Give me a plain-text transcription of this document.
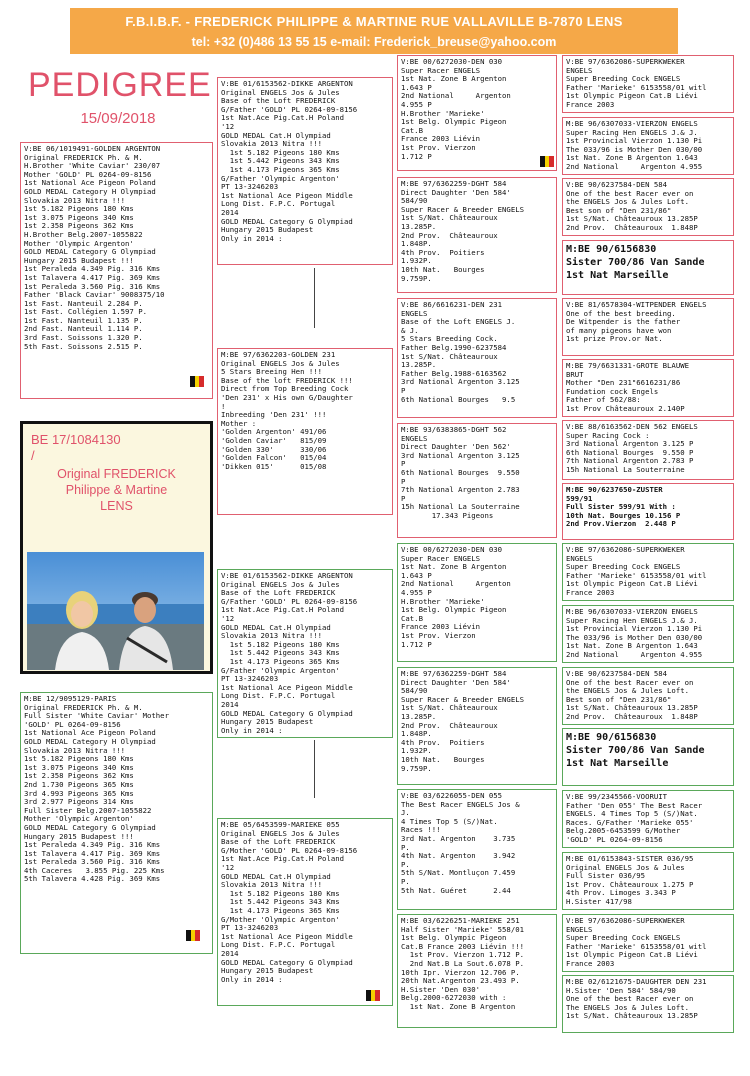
F.B.I.B.F. - FREDERICK PHILIPPE & MARTINE RUE VALLAVILLE B-7870 LENS
tel: +32 (0)486 13 55 15 e-mail: Frederick_breuse@yahoo.com
PEDIGREE
15/09/2018
BE 17/1084130
/
Original FREDERICK
Philippe & Martine
LENS
V:BE 06/1019491-GOLDEN ARGENTON
Original FREDERICK Ph. & M.
H.Brother 'White Caviar' 230/07
Mother 'GOLD' PL 0264-09-8156
1st National Ace Pigeon Poland
GOLD MEDAL Category H Olympiad
Slovakia 2013 Nitra !!!
1st 5.182 Pigeons 180 Kms
1st 3.075 Pigeons 340 Kms
1st 2.358 Pigeons 362 Kms
H.Brother Belg.2007-1055822
Mother 'Olympic Argenton'
GOLD MEDAL Category G Olympiad
Hungary 2015 Budapest !!!
1st Peraleda 4.349 Pig. 316 Kms
1st Talavera 4.417 Pig. 369 Kms
1st Peraleda 3.560 Pig. 316 Kms
Father 'Black Caviar' 9008375/10
1st Fast. Nanteuil 2.284 P.
1st Fast. Collégien 1.597 P.
1st Fast. Nanteuil 1.135 P.
2nd Fast. Nanteuil 1.114 P.
3rd Fast. Soissons 1.320 P.
5th Fast. Soissons 2.515 P.
M:BE 12/9095129-PARIS
Original FREDERICK Ph. & M.
Full Sister 'White Caviar' Mother
'GOLD' PL 0264-09-8156
1st National Ace Pigeon Poland
GOLD MEDAL Category H Olympiad
Slovakia 2013 Nitra !!!
1st 5.182 Pigeons 180 Kms
1st 3.075 Pigeons 340 Kms
1st 2.358 Pigeons 362 Kms
2nd 1.730 Pigeons 365 Kms
3rd 4.993 Pigeons 365 Kms
3rd 2.977 Pigeons 314 Kms
Full Sister Belg.2007-1055822
Mother 'Olympic Argenton'
GOLD MEDAL Category G Olympiad
Hungary 2015 Budapest !!!
1st Peraleda 4.349 Pig. 316 Kms
1st Talavera 4.417 Pig. 369 Kms
1st Peraleda 3.560 Pig. 316 Kms
4th Caceres   3.855 Pig. 225 Kms
5th Talavera 4.428 Pig. 369 Kms
V:BE 01/6153562-DIKKE ARGENTON
Original ENGELS Jos & Jules
Base of the Loft FREDERICK
G/Father 'GOLD' PL 0264-09-8156
1st Nat.Ace Pig.Cat.H Poland
'12
GOLD MEDAL Cat.H Olympiad
Slovakia 2013 Nitra !!!
1st 5.182 Pigeons 180 Kms
1st 5.442 Pigeons 343 Kms
1st 4.173 Pigeons 365 Kms
G/Father 'Olympic Argenton'
PT 13-3246203
1st National Ace Pigeon Middle
Long Dist. F.P.C. Portugal
2014
GOLD MEDAL Category G Olympiad
Hungary 2015 Budapest
Only in 2014 :
M:BE 97/6362203-GOLDEN 231
Original ENGELS Jos & Jules
5 Stars Breeing Hen !!!
Base of the loft FREDERICK !!!
Direct from Top Breeding Cock
'Den 231' x His own G/Daughter
!
Inbreeding 'Den 231' !!!
Mother :
'Golden Argenton' 491/06
'Golden Caviar'   815/09
'Golden 330'      330/06
'Golden Falcon'   015/04
'Dikken 015'      015/08
V:BE 01/6153562-DIKKE ARGENTON
Original ENGELS Jos & Jules
Base of the Loft FREDERICK
G/Father 'GOLD' PL 0264-09-8156
1st Nat.Ace Pig.Cat.H Poland
'12
GOLD MEDAL Cat.H Olympiad
Slovakia 2013 Nitra !!!
1st 5.182 Pigeons 180 Kms
1st 5.442 Pigeons 343 Kms
1st 4.173 Pigeons 365 Kms
G/Father 'Olympic Argenton'
PT 13-3246203
1st National Ace Pigeon Middle
Long Dist. F.P.C. Portugal
2014
GOLD MEDAL Category G Olympiad
Hungary 2015 Budapest
Only in 2014 :
M:BE 05/6453599-MARIEKE 055
Original ENGELS Jos & Jules
Base of the Loft FREDERICK
G/Mother 'GOLD' PL 0264-09-8156
1st Nat.Ace Pig.Cat.H Poland
'12
GOLD MEDAL Cat.H Olympiad
Slovakia 2013 Nitra !!!
1st 5.182 Pigeons 180 Kms
1st 5.442 Pigeons 343 Kms
1st 4.173 Pigeons 365 Kms
G/Mother 'Olympic Argenton'
PT 13-3246203
1st National Ace Pigeon Middle
Long Dist. F.P.C. Portugal
2014
GOLD MEDAL Category G Olympiad
Hungary 2015 Budapest
Only in 2014 :
V:BE 00/6272030-DEN 030
Super Racer ENGELS
1st Nat. Zone B Argenton
1.643 P
2nd National     Argenton
4.955 P
H.Brother 'Marieke'
1st Belg. Olympic Pigeon
Cat.B
France 2003 Liévin
1st Prov. Vierzon
1.712 P
M:BE 97/6362259-DGHT 584
Direct Daughter 'Den 584'
584/90
Super Racer & Breeder ENGELS
1st S/Nat. Châteauroux
13.285P.
2nd Prov.  Châteauroux
1.848P.
4th Prov.  Poitiers
1.932P.
10th Nat.   Bourges
9.759P.
V:BE 86/6616231-DEN 231
ENGELS
Base of the Loft ENGELS J.
& J.
5 Stars Breeding Cock.
Father Belg.1990-6237584
1st S/Nat. Châteauroux
13.285P.
Father Belg.1988-6163562
3rd National Argenton 3.125
P
6th National Bourges   9.5
M:BE 93/6383865-DGHT 562
ENGELS
Direct Daughter 'Den 562'
3rd National Argenton 3.125
P
6th National Bourges  9.550
P
7th National Argenton 2.783
P
15h National La Souterraine
17.343 Pigeons
V:BE 00/6272030-DEN 030
Super Racer ENGELS
1st Nat. Zone B Argenton
1.643 P
2nd National     Argenton
4.955 P
H.Brother 'Marieke'
1st Belg. Olympic Pigeon
Cat.B
France 2003 Liévin
1st Prov. Vierzon
1.712 P
M:BE 97/6362259-DGHT 584
Direct Daughter 'Den 584'
584/90
Super Racer & Breeder ENGELS
1st S/Nat. Châteauroux
13.285P.
2nd Prov.  Châteauroux
1.848P.
4th Prov.  Poitiers
1.932P.
10th Nat.   Bourges
9.759P.
V:BE 03/6226055-DEN 055
The Best Racer ENGELS Jos &
J.
4 Times Top 5 (S/)Nat.
Races !!!
3rd Nat. Argenton    3.735
P.
4th Nat. Argenton    3.942
P.
5th S/Nat. Montluçon 7.459
P.
5th Nat. Guéret      2.44
M:BE 03/6226251-MARIEKE 251
Half Sister 'Marieke' 558/01
1st Belg. Olympic Pigeon
Cat.B France 2003 Liévin !!!
1st Prov. Vierzon 1.712 P.
2nd Nat.B La Sout.6.078 P.
10th Ipr. Vierzon 12.706 P.
20th Nat.Argenton 23.493 P.
H.Sister 'Den 030'
Belg.2000-6272030 with :
1st Nat. Zone B Argenton
V:BE 97/6362086-SUPERKWEKER
ENGELS
Super Breeding Cock ENGELS
Father 'Marieke' 6153558/01 witl
1st Olympic Pigeon Cat.B Liévi
France 2003
M:BE 96/6307033-VIERZON ENGELS
Super Racing Hen ENGELS J.& J.
1st Provincial Vierzon 1.130 Pi
The 033/96 is Mother Den 030/00
1st Nat. Zone B Argenton 1.643
2nd National     Argenton 4.955
V:BE 90/6237584-DEN 584
One of the best Racer ever on
the ENGELS Jos & Jules Loft.
Best son of "Den 231/86"
1st S/Nat. Châteauroux 13.285P
2nd Prov.  Châteauroux  1.848P
M:BE 90/6156830
Sister 700/86 Van Sande
1st Nat Marseille
V:BE 81/6578304-WITPENDER ENGELS
One of the best breeding.
De Witpender is the father
of many pigeons have won
1st prize Prov.or Nat.
M:BE 79/6631331-GROTE BLAUWE
BRUT
Mother "Den 231"6616231/86
Fundation cock Engels
Father of 562/88:
1st Prov Châteauroux 2.140P
V:BE 88/6163562-DEN 562 ENGELS
Super Racing Cock :
3rd National Argenton 3.125 P
6th National Bourges  9.550 P
7th National Argenton 2.783 P
15h National La Souterraine
M:BE 90/6237650-ZUSTER
599/91
Full Sister 599/91 With :
10th Nat. Bourges 10.156 P
2nd Prov.Vierzon  2.448 P
V:BE 97/6362086-SUPERKWEKER
ENGELS
Super Breeding Cock ENGELS
Father 'Marieke' 6153558/01 witl
1st Olympic Pigeon Cat.B Liévi
France 2003
M:BE 96/6307033-VIERZON ENGELS
Super Racing Hen ENGELS J.& J.
1st Provincial Vierzon 1.130 Pi
The 033/96 is Mother Den 030/00
1st Nat. Zone B Argenton 1.643
2nd National     Argenton 4.955
V:BE 90/6237584-DEN 584
One of the best Racer ever on
the ENGELS Jos & Jules Loft.
Best son of "Den 231/86"
1st S/Nat. Châteauroux 13.285P
2nd Prov.  Châteauroux  1.848P
M:BE 90/6156830
Sister 700/86 Van Sande
1st Nat Marseille
V:BE 99/2345566-VOORUIT
Father 'Den 055' The Best Racer
ENGELS. 4 Times Top 5 (S/)Nat.
Races. G/Father 'Marieke 055'
Belg.2005-6453599 G/Mother
'GOLD' PL 0264-09-8156
M:BE 01/6153843-SISTER 036/95
Original ENGELS Jos & Jules
Full Sister 036/95
1st Prov. Châteauroux 1.275 P
4th Prov. Limoges 3.343 P
H.Sister 417/98
V:BE 97/6362086-SUPERKWEKER
ENGELS
Super Breeding Cock ENGELS
Father 'Marieke' 6153558/01 witl
1st Olympic Pigeon Cat.B Liévi
France 2003
M:BE 02/6121675-DAUGHTER DEN 231
H.Sister 'Den 584' 584/90
One of the best Racer ever on
The ENGELS Jos & Jules Loft.
1st S/Nat. Châteauroux 13.285P
